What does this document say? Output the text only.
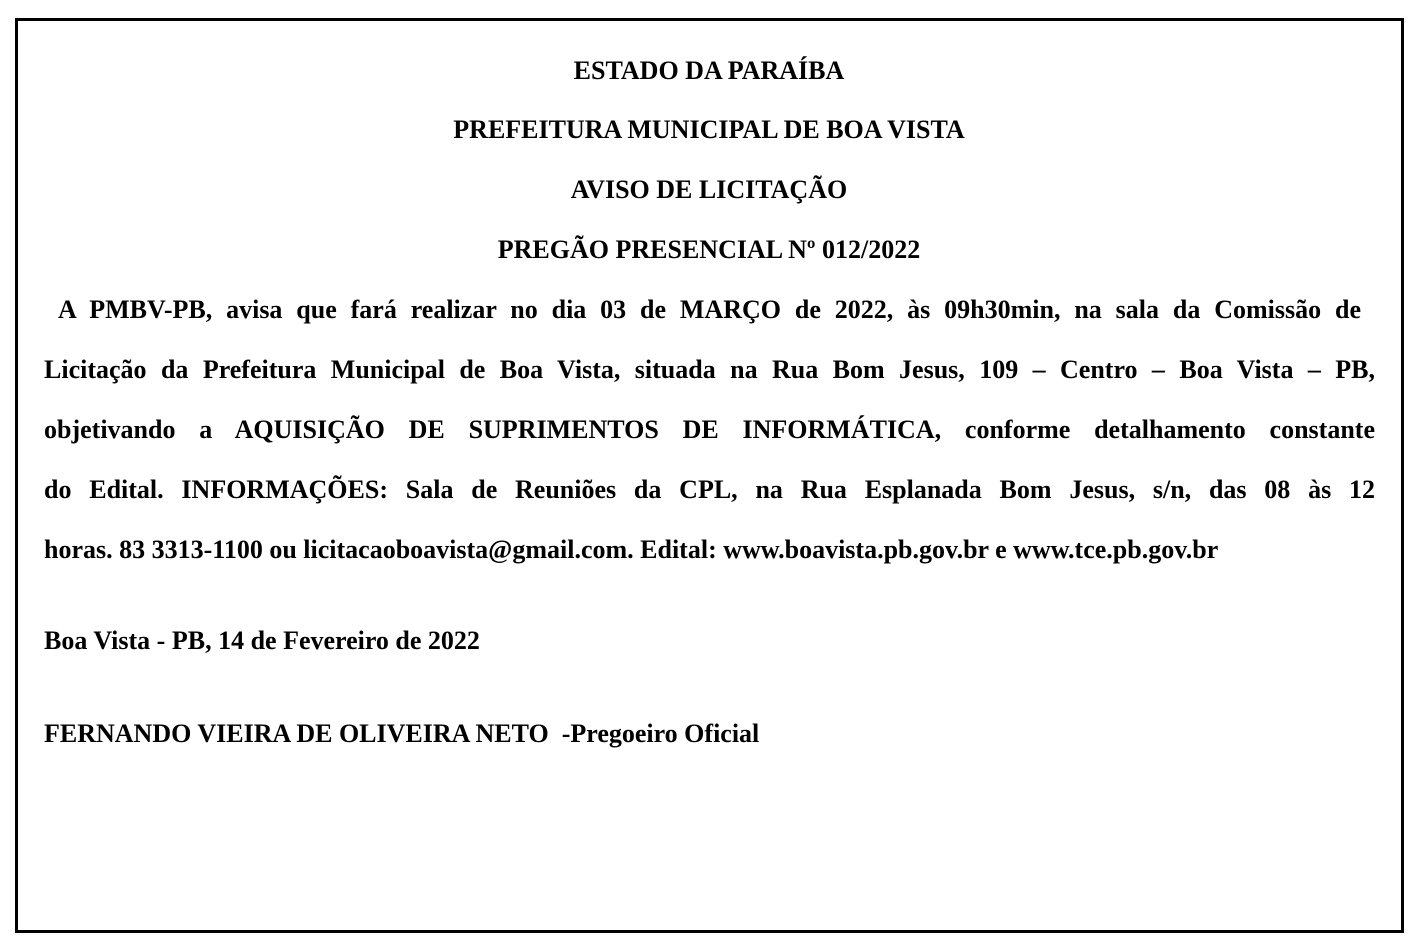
ESTADO DA PARAÍBA
PREFEITURA MUNICIPAL DE BOA VISTA
AVISO DE LICITAÇÃO
PREGÃO PRESENCIAL Nº 012/2022
A PMBV-PB, avisa que fará realizar no dia 03 de MARÇO de 2022, às 09h30min, na sala da Comissão de
Licitação da Prefeitura Municipal de Boa Vista, situada na Rua Bom Jesus, 109 – Centro – Boa Vista – PB,
objetivando a AQUISIÇÃO DE SUPRIMENTOS DE INFORMÁTICA, conforme detalhamento constante
do Edital. INFORMAÇÕES: Sala de Reuniões da CPL, na Rua Esplanada Bom Jesus, s/n, das 08 às 12
horas. 83 3313-1100 ou licitacaoboavista@gmail.com. Edital: www.boavista.pb.gov.br e www.tce.pb.gov.br
Boa Vista - PB, 14 de Fevereiro de 2022
FERNANDO VIEIRA DE OLIVEIRA NETO  -Pregoeiro Oficial
